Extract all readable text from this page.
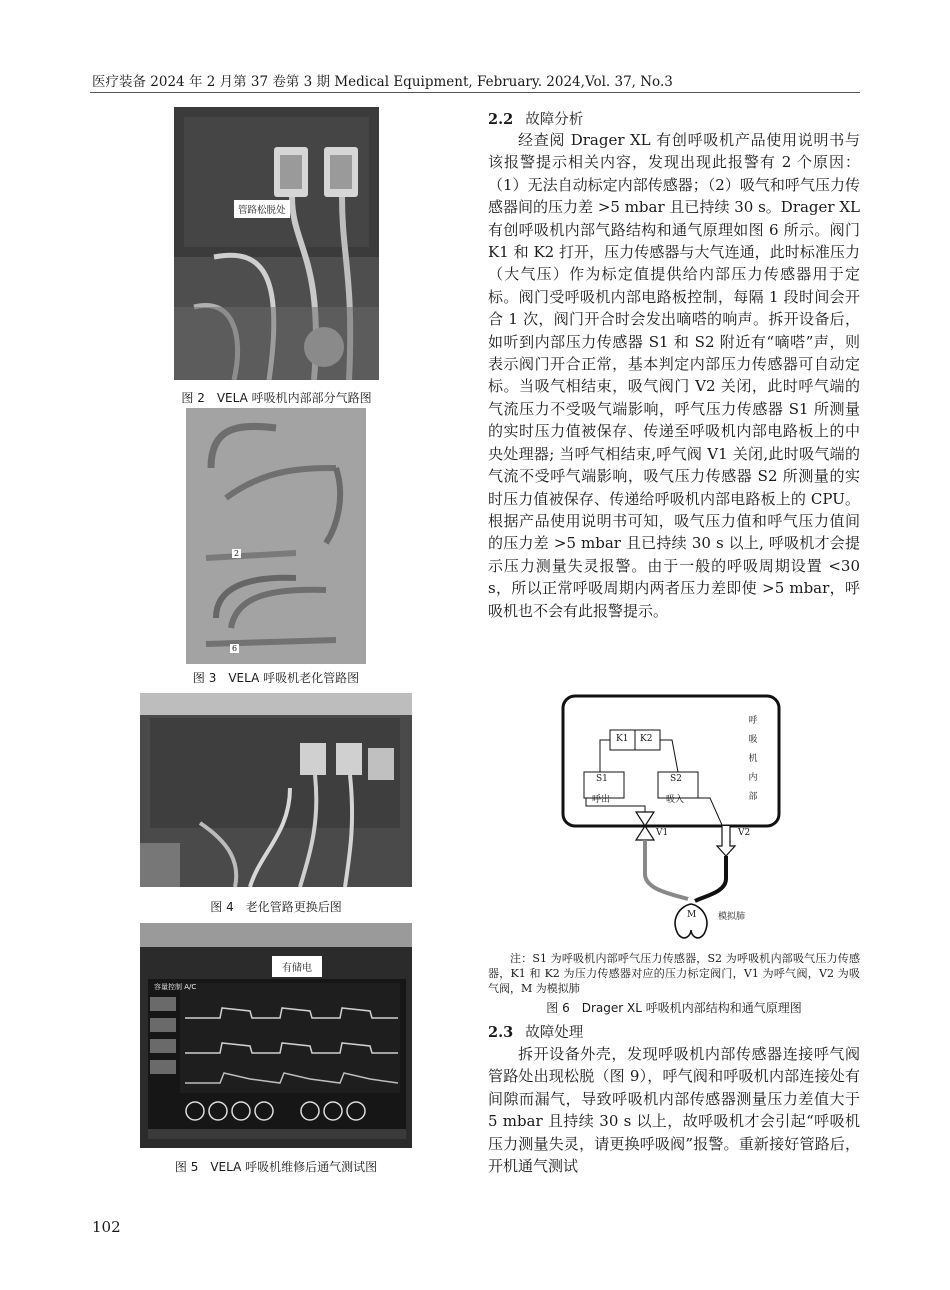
医疗装备 2024 年 2 月第 37 卷第 3 期 Medical Equipment, February. 2024,Vol. 37, No.3
管路松脱处
图 2　VELA 呼吸机内部部分气路图
2
6
图 3　VELA 呼吸机老化管路图
图 4　老化管路更换后图
有储电
容量控制 A/C
图 5　VELA 呼吸机维修后通气测试图
2.2 故障分析

经查阅 Drager XL 有创呼吸机产品使用说明书与该报警提示相关内容，发现出现此报警有 2 个原因：（1）无法自动标定内部传感器；（2）吸气和呼气压力传感器间的压力差 >5 mbar 且已持续 30 s。Drager XL 有创呼吸机内部气路结构和通气原理如图 6 所示。阀门 K1 和 K2 打开，压力传感器与大气连通，此时标准压力（大气压）作为标定值提供给内部压力传感器用于定标。阀门受呼吸机内部电路板控制，每隔 1 段时间会开合 1 次，阀门开合时会发出嘀嗒的响声。拆开设备后，如听到内部压力传感器 S1 和 S2 附近有“嘀嗒”声，则表示阀门开合正常，基本判定内部压力传感器可自动定标。当吸气相结束，吸气阀门 V2 关闭，此时呼气端的气流压力不受吸气端影响，呼气压力传感器 S1 所测量的实时压力值被保存、传递至呼吸机内部电路板上的中央处理器; 当呼气相结束,呼气阀 V1 关闭,此时吸气端的气流不受呼气端影响，吸气压力传感器 S2 所测量的实时压力值被保存、传递给呼吸机内部电路板上的 CPU。根据产品使用说明书可知，吸气压力值和呼气压力值间的压力差 >5 mbar 且已持续 30 s 以上, 呼吸机才会提示压力测量失灵报警。由于一般的呼吸周期设置 <30 s，所以正常呼吸周期内两者压力差即使 >5 mbar，呼吸机也不会有此报警提示。

K1 K2
S1
呼出
S2
吸入
V1	V2
M 模拟肺
呼
吸
机
内
部
注：S1 为呼吸机内部呼气压力传感器，S2 为呼吸机内部吸气压力传感器，K1 和 K2 为压力传感器对应的压力标定阀门，V1 为呼气阀，V2 为吸气阀，M 为模拟肺
图 6　Drager XL 呼吸机内部结构和通气原理图
2.3 故障处理

拆开设备外壳，发现呼吸机内部传感器连接呼气阀管路处出现松脱（图 9），呼气阀和呼吸机内部连接处有间隙而漏气，导致呼吸机内部传感器测量压力差值大于 5 mbar 且持续 30 s 以上，故呼吸机才会引起“呼吸机压力测量失灵，请更换呼吸阀”报警。重新接好管路后，开机通气测试

102
